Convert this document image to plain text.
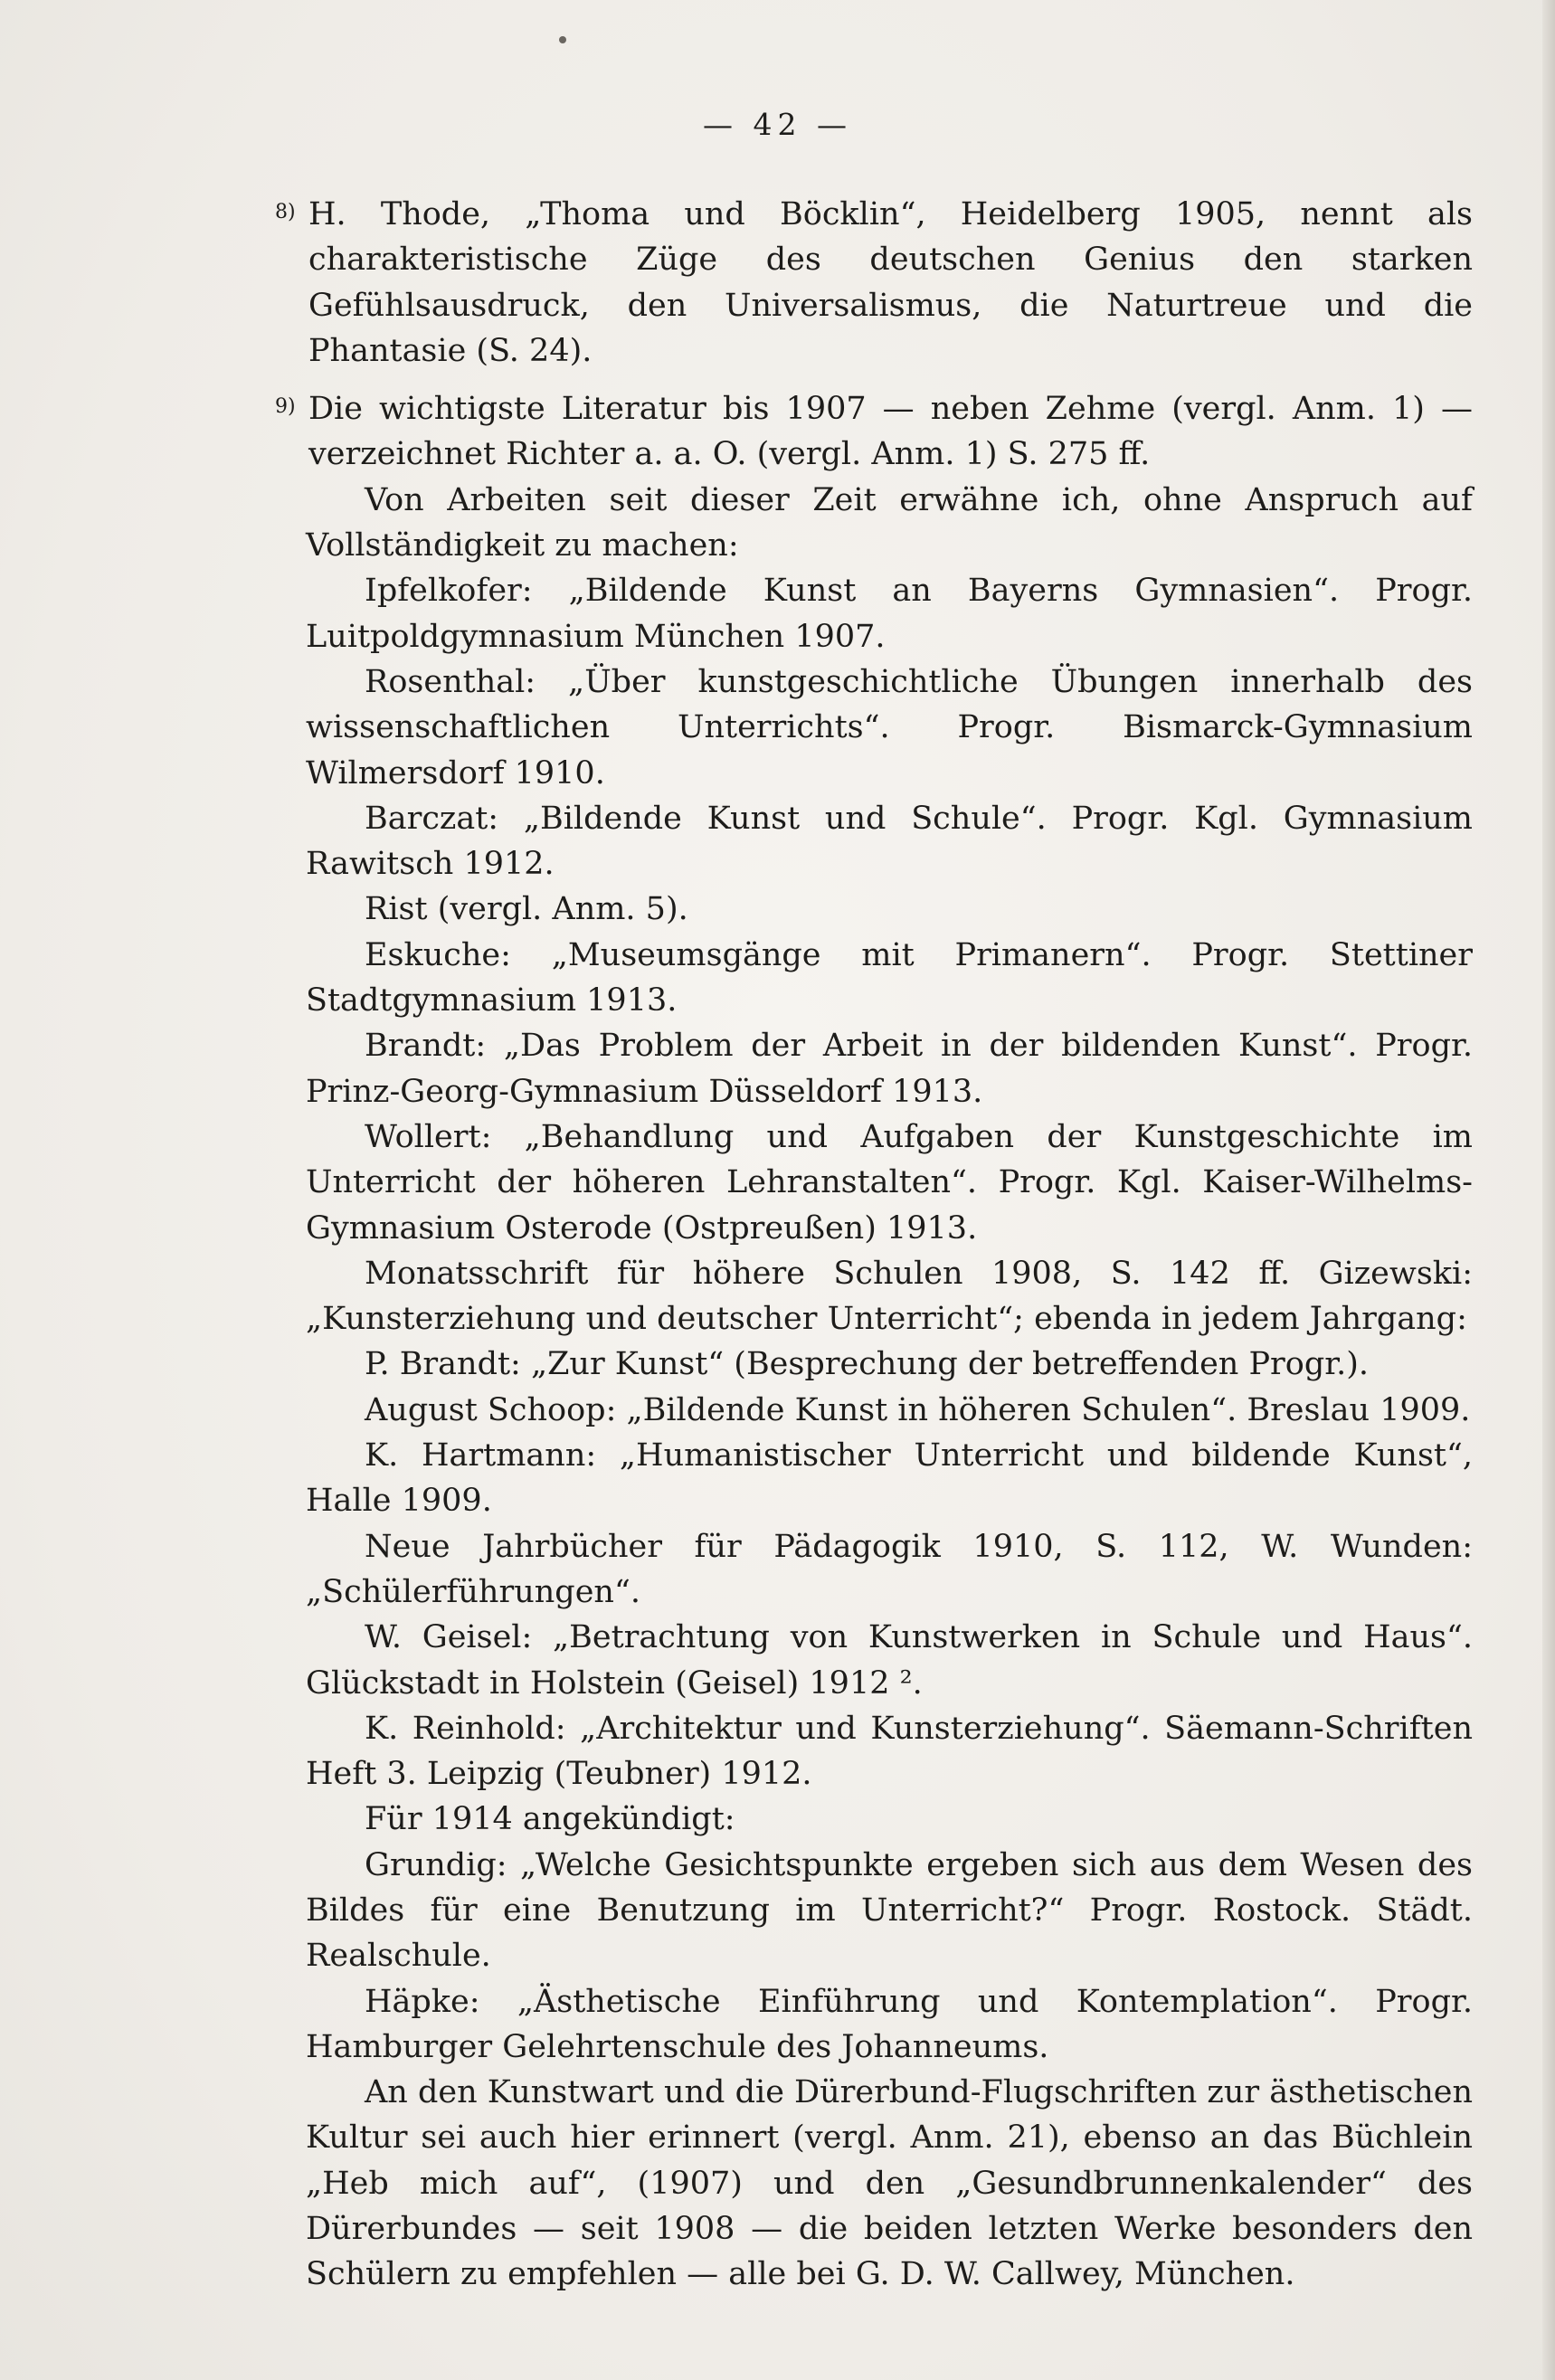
— 42 —

8) H. Thode, „Thoma und Böcklin“, Heidelberg 1905, nennt als charakteristische Züge des deutschen Genius den starken Gefühlsausdruck, den Universalismus, die Naturtreue und die Phantasie (S. 24).

9) Die wichtigste Literatur bis 1907 — neben Zehme (vergl. Anm. 1) — verzeichnet Richter a. a. O. (vergl. Anm. 1) S. 275 ff.

Von Arbeiten seit dieser Zeit erwähne ich, ohne Anspruch auf Vollständigkeit zu machen:

Ipfelkofer: „Bildende Kunst an Bayerns Gymnasien“. Progr. Luitpoldgymnasium München 1907.

Rosenthal: „Über kunstgeschichtliche Übungen innerhalb des wissenschaftlichen Unterrichts“. Progr. Bismarck-Gymnasium Wilmersdorf 1910.

Barczat: „Bildende Kunst und Schule“. Progr. Kgl. Gymnasium Rawitsch 1912.

Rist (vergl. Anm. 5).

Eskuche: „Museumsgänge mit Primanern“. Progr. Stettiner Stadtgymnasium 1913.

Brandt: „Das Problem der Arbeit in der bildenden Kunst“. Progr. Prinz-Georg-Gymnasium Düsseldorf 1913.

Wollert: „Behandlung und Aufgaben der Kunstgeschichte im Unterricht der höheren Lehranstalten“. Progr. Kgl. Kaiser-Wilhelms-Gymnasium Osterode (Ostpreußen) 1913.

Monatsschrift für höhere Schulen 1908, S. 142 ff. Gizewski: „Kunsterziehung und deutscher Unterricht“; ebenda in jedem Jahrgang:

P. Brandt: „Zur Kunst“ (Besprechung der betreffenden Progr.).

August Schoop: „Bildende Kunst in höheren Schulen“. Breslau 1909.

K. Hartmann: „Humanistischer Unterricht und bildende Kunst“, Halle 1909.

Neue Jahrbücher für Pädagogik 1910, S. 112, W. Wunden: „Schülerführungen“.

W. Geisel: „Betrachtung von Kunstwerken in Schule und Haus“. Glückstadt in Holstein (Geisel) 1912 ².

K. Reinhold: „Architektur und Kunsterziehung“. Säemann-Schriften Heft 3. Leipzig (Teubner) 1912.

Für 1914 angekündigt:

Grundig: „Welche Gesichtspunkte ergeben sich aus dem Wesen des Bildes für eine Benutzung im Unterricht?“ Progr. Rostock. Städt. Realschule.

Häpke: „Ästhetische Einführung und Kontemplation“. Progr. Hamburger Gelehrtenschule des Johanneums.

An den Kunstwart und die Dürerbund-Flugschriften zur ästhetischen Kultur sei auch hier erinnert (vergl. Anm. 21), ebenso an das Büchlein „Heb mich auf“, (1907) und den „Gesundbrunnenkalender“ des Dürerbundes — seit 1908 — die beiden letzten Werke besonders den Schülern zu empfehlen — alle bei G. D. W. Callwey, München.
